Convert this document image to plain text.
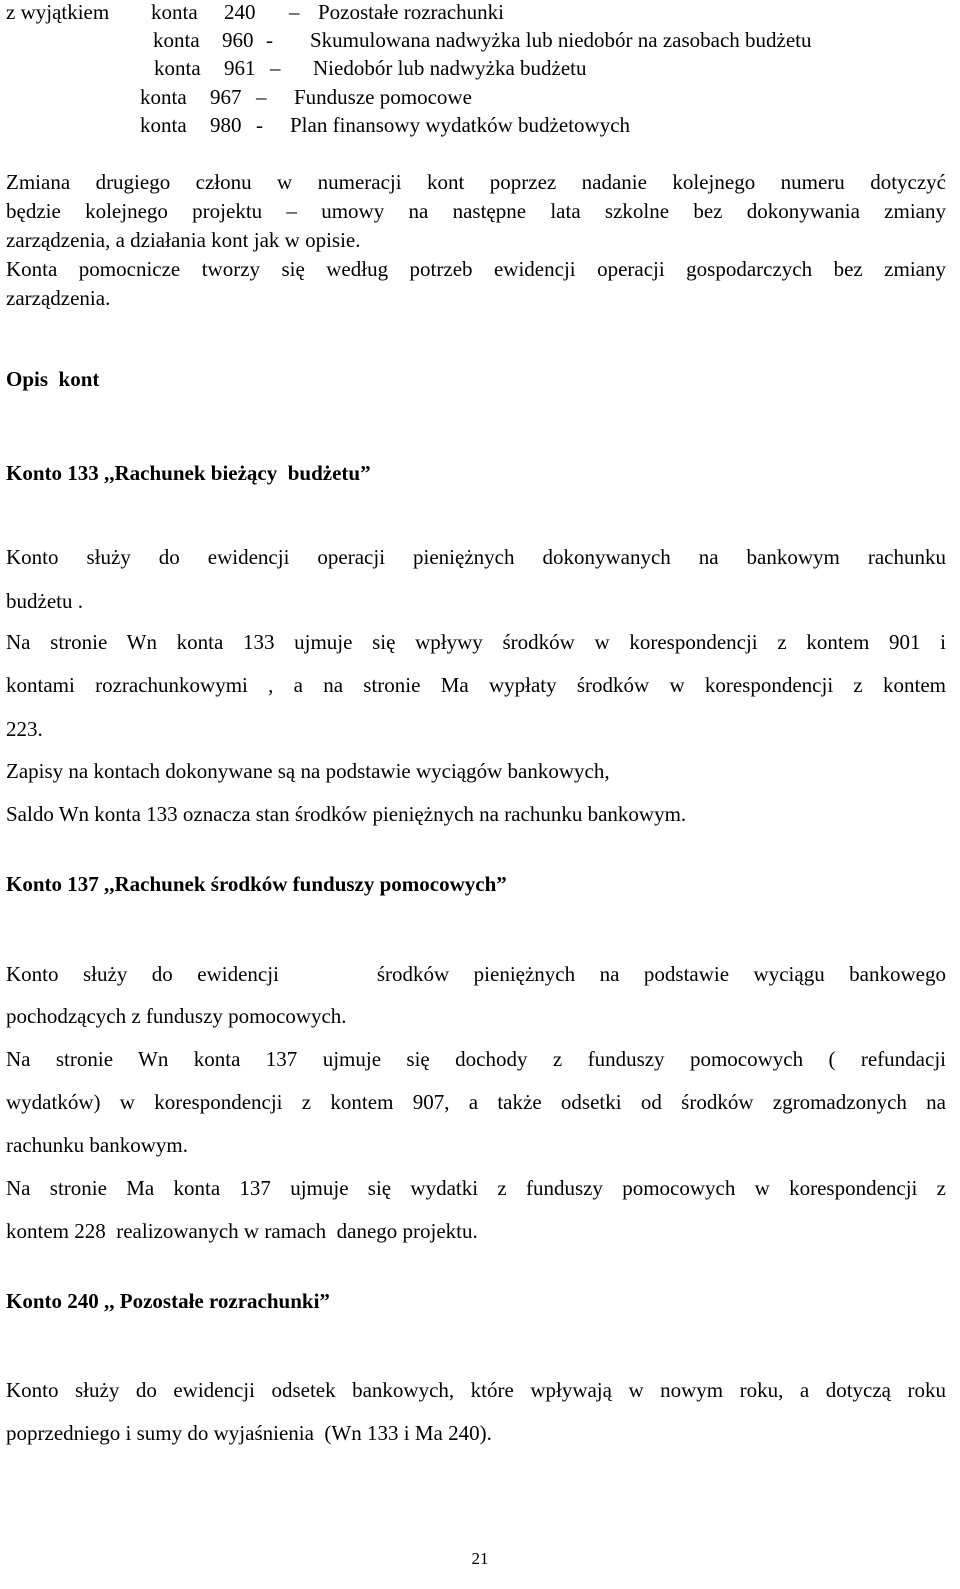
z wyjątkiem konta 240 – Pozostałe rozrachunki
konta 960 - Skumulowana nadwyżka lub niedobór na zasobach budżetu
konta 961 – Niedobór lub nadwyżka budżetu
konta 967 – Fundusze pomocowe
konta 980 - Plan finansowy wydatków budżetowych
Zmiana drugiego członu w numeracji kont poprzez nadanie kolejnego numeru dotyczyć
będzie kolejnego projektu – umowy na następne lata szkolne bez dokonywania zmiany
zarządzenia, a działania kont jak w opisie.
Konta pomocnicze tworzy się według potrzeb ewidencji operacji gospodarczych bez zmiany
zarządzenia.
Opis  kont
Konto 133 ,,Rachunek bieżący  budżetu”
Konto służy do ewidencji operacji pieniężnych dokonywanych na bankowym rachunku
budżetu .
Na stronie Wn konta 133 ujmuje się wpływy środków w korespondencji z kontem 901 i
kontami rozrachunkowymi , a na stronie Ma wypłaty środków w korespondencji z kontem
223.
Zapisy na kontach dokonywane są na podstawie wyciągów bankowych,
Saldo Wn konta 133 oznacza stan środków pieniężnych na rachunku bankowym.
Konto 137 ,,Rachunek środków funduszy pomocowych”
Konto służy do ewidencji    środków pieniężnych na podstawie wyciągu bankowego
pochodzących z funduszy pomocowych.
Na stronie Wn konta 137 ujmuje się dochody z funduszy pomocowych ( refundacji
wydatków) w korespondencji z kontem 907, a także odsetki od środków zgromadzonych na
rachunku bankowym.
Na stronie Ma konta 137 ujmuje się wydatki z funduszy pomocowych w korespondencji z
kontem 228  realizowanych w ramach  danego projektu.
Konto 240 ,, Pozostałe rozrachunki”
Konto służy do ewidencji odsetek bankowych, które wpływają w nowym roku, a dotyczą roku
poprzedniego i sumy do wyjaśnienia  (Wn 133 i Ma 240).
21
